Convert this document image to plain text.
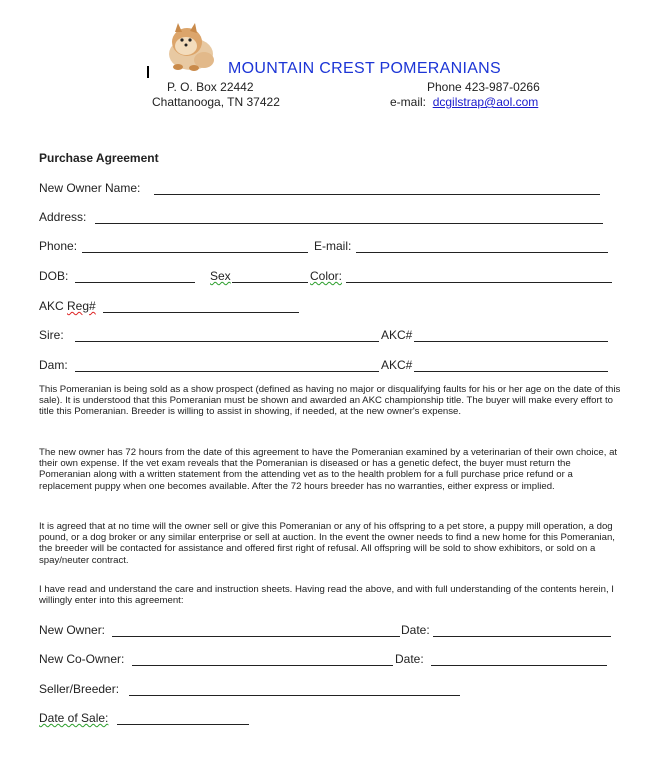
MOUNTAIN CREST POMERANIANS
P. O. Box 22442
Chattanooga, TN 37422
Phone 423-987-0266
e-mail: dcgilstrap@aol.com
Purchase Agreement
New Owner Name:
Address:
Phone:	E-mail:
DOB:	Sex	Color:
AKC Reg#
Sire:	AKC#
Dam:	AKC#
This Pomeranian is being sold as a show prospect (defined as having no major or disqualifying faults for his or her age on the date of this sale). It is understood that this Pomeranian must be shown and awarded an AKC championship title. The buyer will make every effort to title this Pomeranian. Breeder is willing to assist in showing, if needed, at the new owner's expense.
The new owner has 72 hours from the date of this agreement to have the Pomeranian examined by a veterinarian of their own choice, at their own expense. If the vet exam reveals that the Pomeranian is diseased or has a genetic defect, the buyer must return the Pomeranian along with a written statement from the attending vet as to the health problem for a full purchase price refund or a replacement puppy when one becomes available. After the 72 hours breeder has no warranties, either express or implied.
It is agreed that at no time will the owner sell or give this Pomeranian or any of his offspring to a pet store, a puppy mill operation, a dog pound, or a dog broker or any similar enterprise or sell at auction. In the event the owner needs to find a new home for this Pomeranian, the breeder will be contacted for assistance and offered first right of refusal. All offspring will be sold to show exhibitors, or sold on a spay/neuter contract.
I have read and understand the care and instruction sheets. Having read the above, and with full understanding of the contents herein, I willingly enter into this agreement:
New Owner:	Date:
New Co-Owner:	Date:
Seller/Breeder:
Date of Sale:
